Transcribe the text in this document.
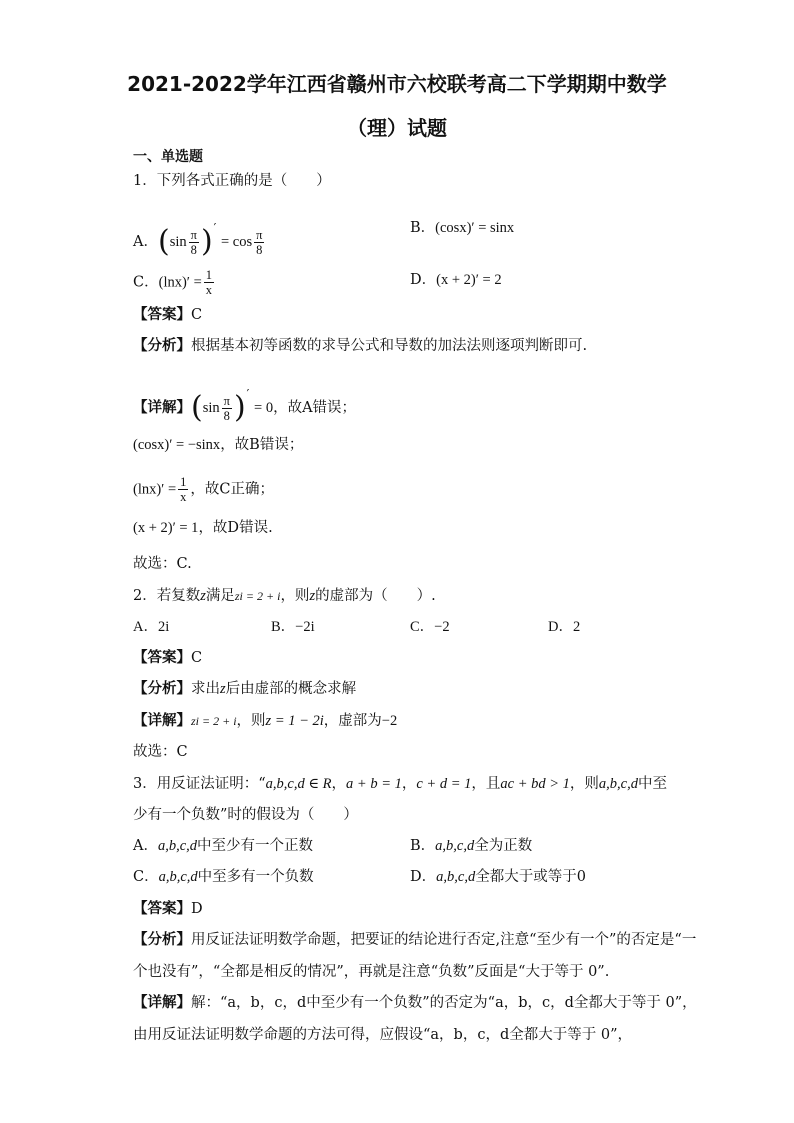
2021-2022学年江西省赣州市六校联考高二下学期期中数学
（理）试题
一、单选题
1．下列各式正确的是（　　）
A．$(\sin \frac{\pi}{8} )' = \cos \frac{\pi}{8}$	B．(cosx)′ = sinx
C．$(\ln x)' = \frac{1}{x}$	D．(x + 2)′ = 2
【答案】C
【分析】根据基本初等函数的求导公式和导数的加法法则逐项判断即可.
【详解】$(\sin \frac{\pi}{8} )' = 0$，故A错误；
(cosx)′ = −sinx，故B错误；
$(\ln x)' = \frac{1}{x}$ ，故C正确；
(x + 2)′ = 1，故D错误.
故选：C.
2．若复数z满足zi = 2 + i，则z的虚部为（　　）.
A．2i	B．−2i	C．−2	D．2
【答案】C
【分析】求出z后由虚部的概念求解
【详解】zi = 2 + i，则z = 1 − 2i，虚部为−2
故选：C
3．用反证法证明：“a,b,c,d ∈ R，a + b = 1，c + d = 1，且ac + bd > 1，则a,b,c,d中至
少有一个负数”时的假设为（　　）
A．a,b,c,d中至少有一个正数	B．a,b,c,d全为正数
C．a,b,c,d中至多有一个负数	D．a,b,c,d全都大于或等于0
【答案】D
【分析】用反证法证明数学命题，把要证的结论进行否定,注意“至少有一个”的否定是“一
个也没有”，“全都是相反的情况”，再就是注意“负数”反面是“大于等于 0”.
【详解】解：“a，b，c，d中至少有一个负数”的否定为“a，b，c，d全都大于等于 0”，
由用反证法证明数学命题的方法可得，应假设“a，b，c，d全都大于等于 0”，
